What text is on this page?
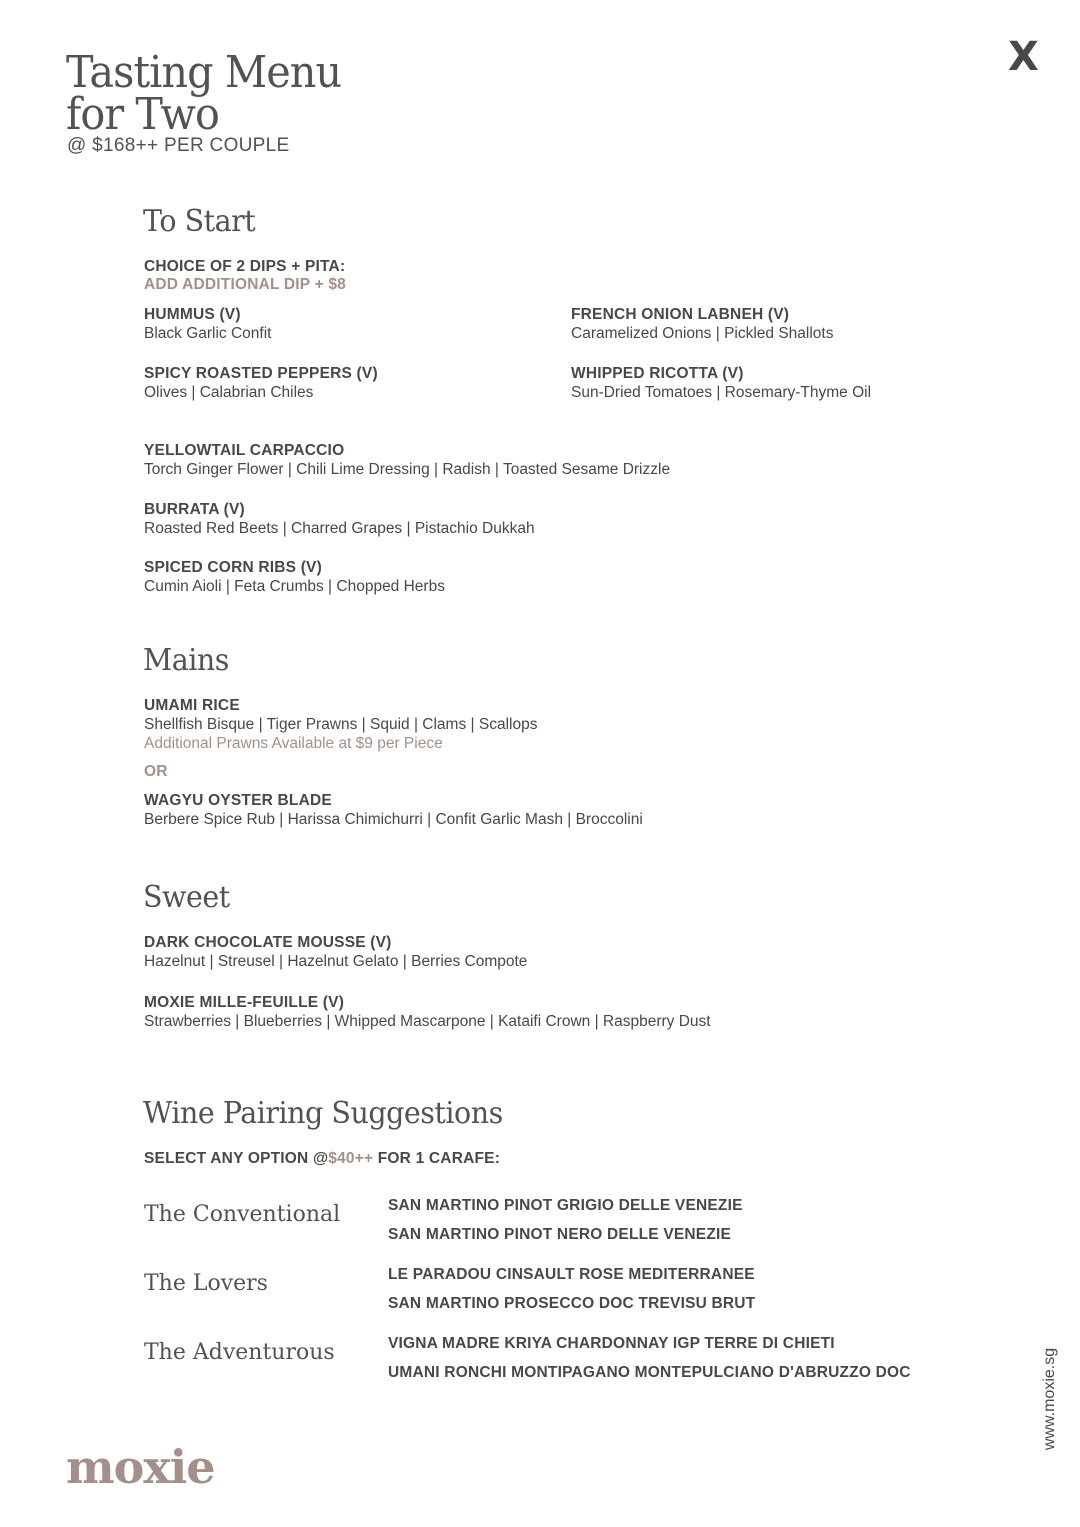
Tasting Menu
for Two
@ $168++ PER COUPLE
X
To Start
CHOICE OF 2 DIPS + PITA:
ADD ADDITIONAL DIP + $8
HUMMUS (V)
Black Garlic Confit
FRENCH ONION LABNEH (V)
Caramelized Onions | Pickled Shallots
SPICY ROASTED PEPPERS (V)
Olives | Calabrian Chiles
WHIPPED RICOTTA (V)
Sun-Dried Tomatoes | Rosemary-Thyme Oil
YELLOWTAIL CARPACCIO
Torch Ginger Flower | Chili Lime Dressing | Radish | Toasted Sesame Drizzle
BURRATA (V)
Roasted Red Beets | Charred Grapes | Pistachio Dukkah
SPICED CORN RIBS (V)
Cumin Aioli | Feta Crumbs | Chopped Herbs
Mains
UMAMI RICE
Shellfish Bisque | Tiger Prawns | Squid | Clams | Scallops
Additional Prawns Available at $9 per Piece
OR
WAGYU OYSTER BLADE
Berbere Spice Rub | Harissa Chimichurri | Confit Garlic Mash | Broccolini
Sweet
DARK CHOCOLATE MOUSSE (V)
Hazelnut | Streusel | Hazelnut Gelato | Berries Compote
MOXIE MILLE-FEUILLE (V)
Strawberries | Blueberries | Whipped Mascarpone | Kataifi Crown | Raspberry Dust
Wine Pairing Suggestions
SELECT ANY OPTION @$40++ FOR 1 CARAFE:
The Conventional	SAN MARTINO PINOT GRIGIO DELLE VENEZIE
SAN MARTINO PINOT NERO DELLE VENEZIE
The Lovers	LE PARADOU CINSAULT ROSE MEDITERRANEE
SAN MARTINO PROSECCO DOC TREVISU BRUT
The Adventurous	VIGNA MADRE KRIYA CHARDONNAY IGP TERRE DI CHIETI
UMANI RONCHI MONTIPAGANO MONTEPULCIANO D'ABRUZZO DOC
moxie
www.moxie.sg
